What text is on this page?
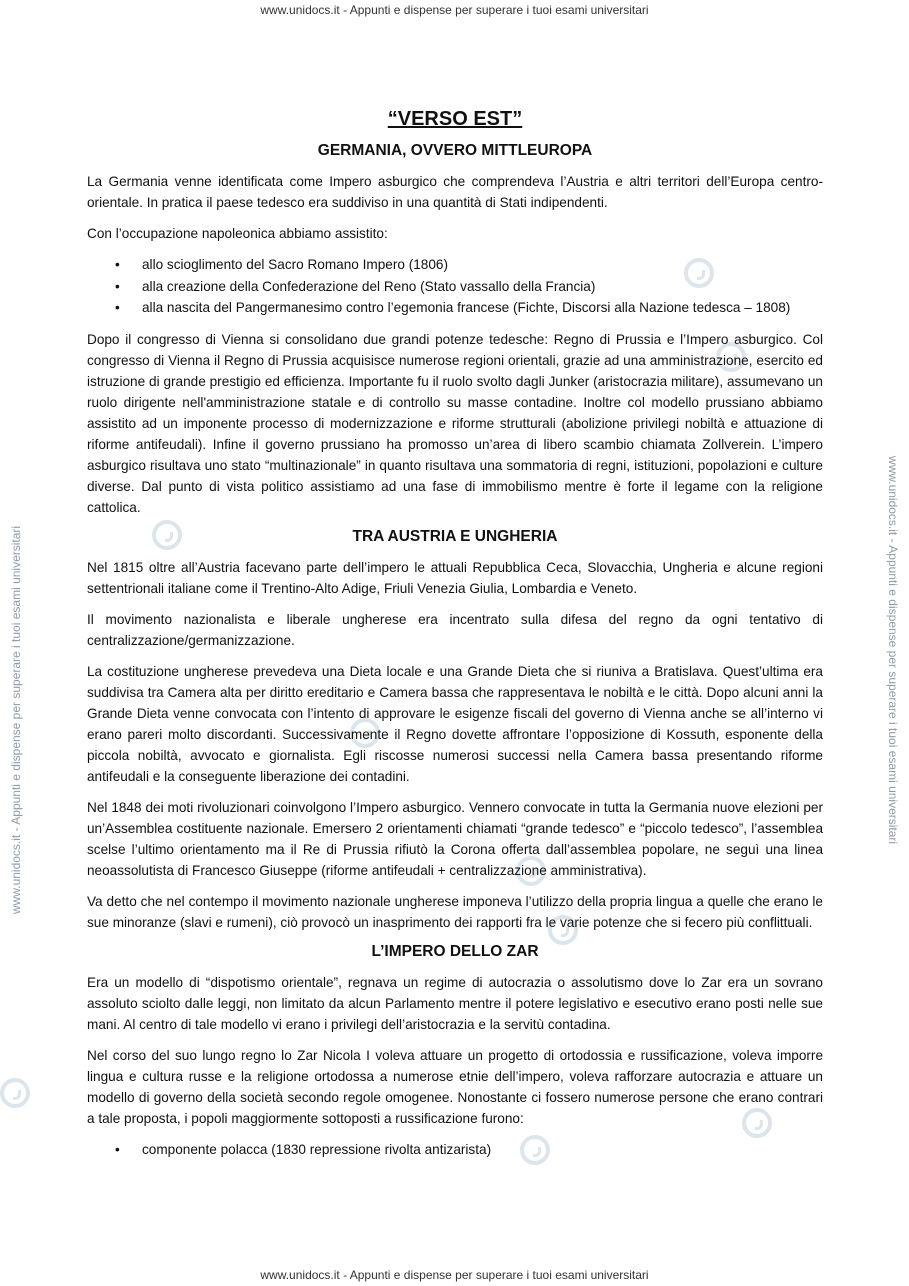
www.unidocs.it - Appunti e dispense per superare i tuoi esami universitari
www.unidocs.it - Appunti e dispense per superare i tuoi esami universitari	www.unidocs.it - Appunti e dispense per superare i tuoi esami universitari
“VERSO EST”
GERMANIA, OVVERO MITTLEUROPA

La Germania venne identificata come Impero asburgico che comprendeva l’Austria e altri territori dell’Europa centro-orientale. In pratica il paese tedesco era suddiviso in una quantità di Stati indipendenti.

Con l’occupazione napoleonica abbiamo assistito:

• allo scioglimento del Sacro Romano Impero (1806)
• alla creazione della Confederazione del Reno (Stato vassallo della Francia)
• alla nascita del Pangermanesimo contro l’egemonia francese (Fichte, Discorsi alla Nazione tedesca – 1808)

Dopo il congresso di Vienna si consolidano due grandi potenze tedesche: Regno di Prussia e l’Impero asburgico. Col congresso di Vienna il Regno di Prussia acquisisce numerose regioni orientali, grazie ad una amministrazione, esercito ed istruzione di grande prestigio ed efficienza. Importante fu il ruolo svolto dagli Junker (aristocrazia militare), assumevano un ruolo dirigente nell'amministrazione statale e di controllo su masse contadine. Inoltre col modello prussiano abbiamo assistito ad un imponente processo di modernizzazione e riforme strutturali (abolizione privilegi nobiltà e attuazione di riforme antifeudali). Infine il governo prussiano ha promosso un’area di libero scambio chiamata Zollverein. L’impero asburgico risultava uno stato “multinazionale” in quanto risultava una sommatoria di regni, istituzioni, popolazioni e culture diverse. Dal punto di vista politico assistiamo ad una fase di immobilismo mentre è forte il legame con la religione cattolica.

TRA AUSTRIA E UNGHERIA

Nel 1815 oltre all’Austria facevano parte dell’impero le attuali Repubblica Ceca, Slovacchia, Ungheria e alcune regioni settentrionali italiane come il Trentino-Alto Adige, Friuli Venezia Giulia, Lombardia e Veneto.

Il movimento nazionalista e liberale ungherese era incentrato sulla difesa del regno da ogni tentativo di centralizzazione/germanizzazione.

La costituzione ungherese prevedeva una Dieta locale e una Grande Dieta che si riuniva a Bratislava. Quest’ultima era suddivisa tra Camera alta per diritto ereditario e Camera bassa che rappresentava le nobiltà e le città. Dopo alcuni anni la Grande Dieta venne convocata con l’intento di approvare le esigenze fiscali del governo di Vienna anche se all’interno vi erano pareri molto discordanti. Successivamente il Regno dovette affrontare l’opposizione di Kossuth, esponente della piccola nobiltà, avvocato e giornalista. Egli riscosse numerosi successi nella Camera bassa presentando riforme antifeudali e la conseguente liberazione dei contadini.

Nel 1848 dei moti rivoluzionari coinvolgono l’Impero asburgico. Vennero convocate in tutta la Germania nuove elezioni per un’Assemblea costituente nazionale. Emersero 2 orientamenti chiamati “grande tedesco” e “piccolo tedesco”, l’assemblea scelse l’ultimo orientamento ma il Re di Prussia rifiutò la Corona offerta dall’assemblea popolare, ne seguì una linea neoassolutista di Francesco Giuseppe (riforme antifeudali + centralizzazione amministrativa).

Va detto che nel contempo il movimento nazionale ungherese imponeva l’utilizzo della propria lingua a quelle che erano le sue minoranze (slavi e rumeni), ciò provocò un inasprimento dei rapporti fra le varie potenze che si fecero più conflittuali.

L’IMPERO DELLO ZAR

Era un modello di “dispotismo orientale”, regnava un regime di autocrazia o assolutismo dove lo Zar era un sovrano assoluto sciolto dalle leggi, non limitato da alcun Parlamento mentre il potere legislativo e esecutivo erano posti nelle sue mani. Al centro di tale modello vi erano i privilegi dell’aristocrazia e la servitù contadina.

Nel corso del suo lungo regno lo Zar Nicola I voleva attuare un progetto di ortodossia e russificazione, voleva imporre lingua e cultura russe e la religione ortodossa a numerose etnie dell’impero, voleva rafforzare autocrazia e attuare un modello di governo della società secondo regole omogenee. Nonostante ci fossero numerose persone che erano contrari a tale proposta, i popoli maggiormente sottoposti a russificazione furono:

• componente polacca (1830 repressione rivolta antizarista)
www.unidocs.it - Appunti e dispense per superare i tuoi esami universitari
